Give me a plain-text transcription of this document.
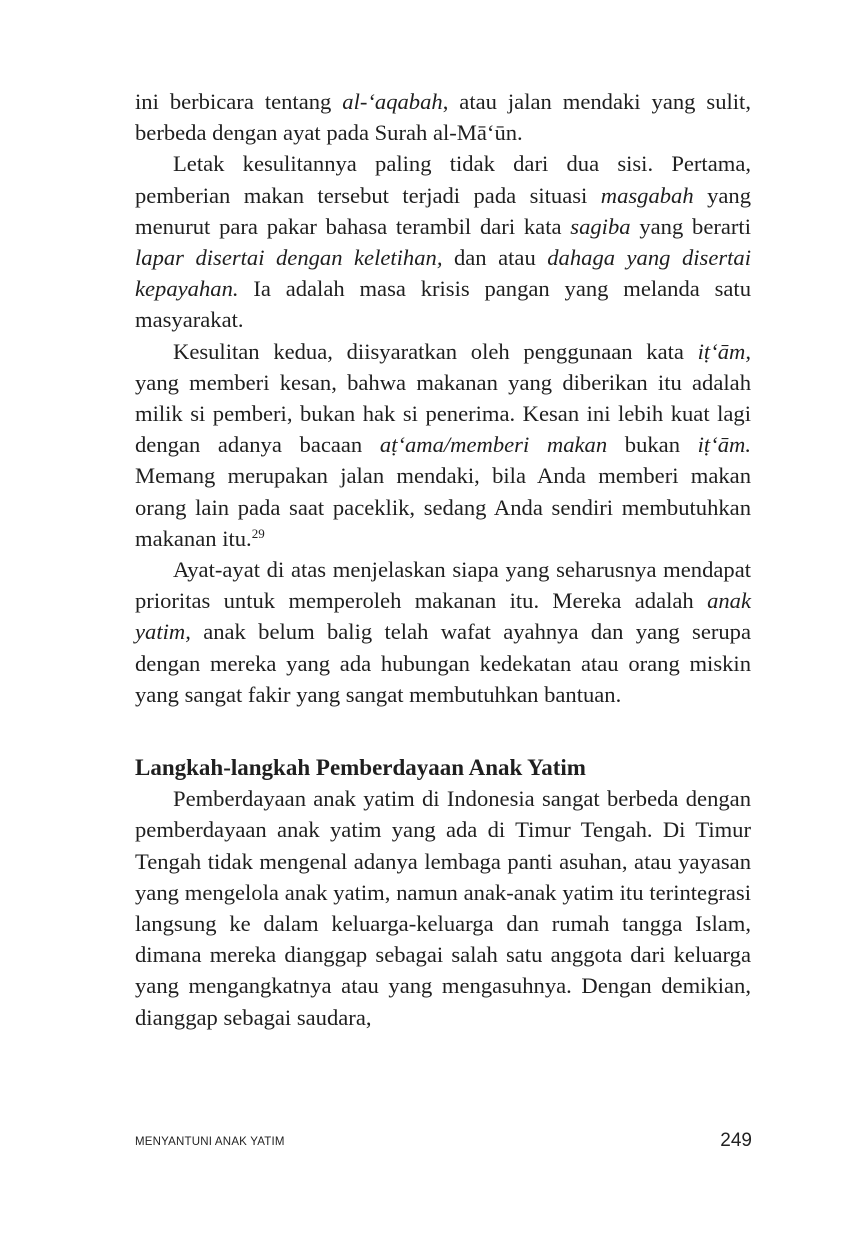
ini berbicara tentang al-‘aqabah, atau jalan mendaki yang sulit, berbeda dengan ayat pada Surah al-Mā‘ūn.

Letak kesulitannya paling tidak dari dua sisi. Pertama, pemberian makan tersebut terjadi pada situasi masgabah yang menurut para pakar bahasa terambil dari kata sagiba yang berarti lapar disertai dengan keletihan, dan atau dahaga yang disertai kepayahan. Ia adalah masa krisis pangan yang melanda satu masyarakat.

Kesulitan kedua, diisyaratkan oleh penggunaan kata iṭ‘ām, yang memberi kesan, bahwa makanan yang diberikan itu adalah milik si pemberi, bukan hak si penerima. Kesan ini lebih kuat lagi dengan adanya bacaan aṭ‘ama/memberi makan bukan iṭ‘ām. Memang merupakan jalan mendaki, bila Anda memberi makan orang lain pada saat paceklik, sedang Anda sendiri membutuhkan makanan itu.$^{29}$

Ayat-ayat di atas menjelaskan siapa yang seharusnya mendapat prioritas untuk memperoleh makanan itu. Mereka adalah anak yatim, anak belum balig telah wafat ayahnya dan yang serupa dengan mereka yang ada hubungan kedekatan atau orang miskin yang sangat fakir yang sangat membutuhkan bantuan.

Langkah-langkah Pemberdayaan Anak Yatim

Pemberdayaan anak yatim di Indonesia sangat berbeda dengan pemberdayaan anak yatim yang ada di Timur Tengah. Di Timur Tengah tidak mengenal adanya lembaga panti asuhan, atau yayasan yang mengelola anak yatim, namun anak-anak yatim itu terintegrasi langsung ke dalam keluarga-keluarga dan rumah tangga Islam, dimana mereka dianggap sebagai salah satu anggota dari keluarga yang mengangkatnya atau yang mengasuhnya. Dengan demikian, dianggap sebagai saudara,

MENYANTUNI ANAK YATIM	249
